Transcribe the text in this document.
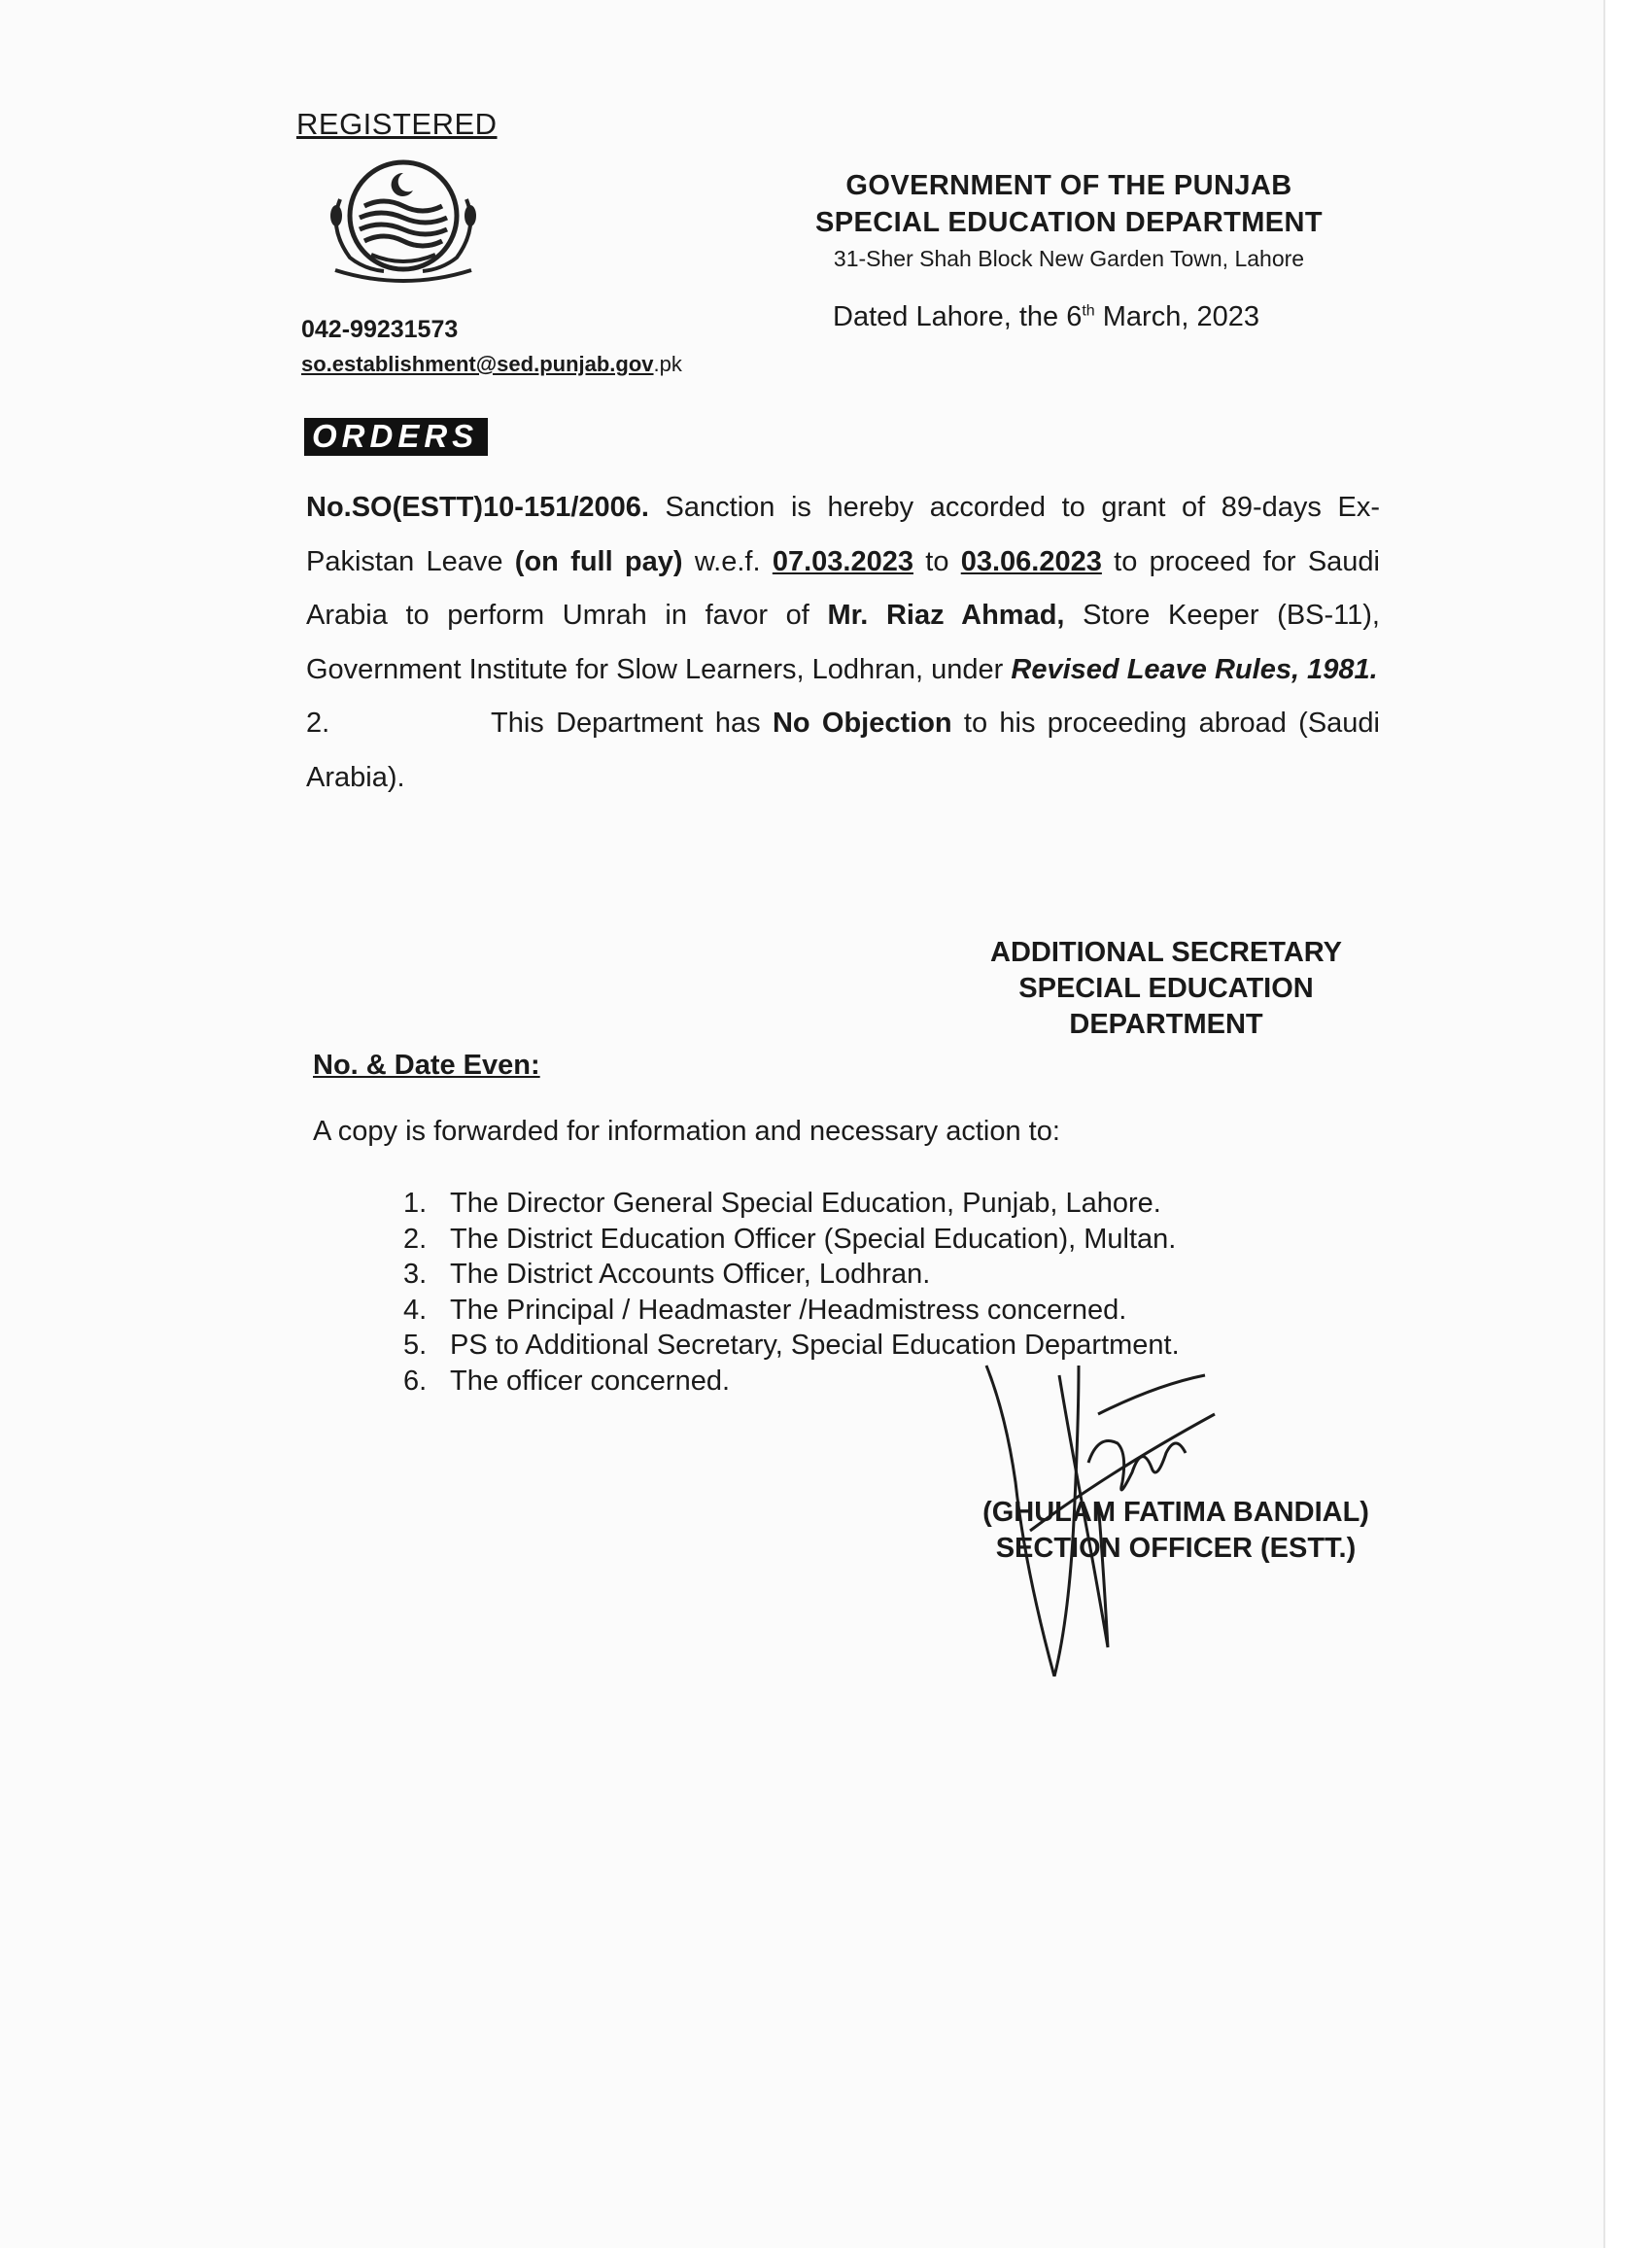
REGISTERED
042-99231573
so.establishment@sed.punjab.gov.pk
GOVERNMENT OF THE PUNJAB
SPECIAL EDUCATION DEPARTMENT
31-Sher Shah Block New Garden Town, Lahore
Dated Lahore, the 6th March, 2023
ORDERS

No.SO(ESTT)10-151/2006. Sanction is hereby accorded to grant of 89-days Ex-Pakistan Leave (on full pay) w.e.f. 07.03.2023 to 03.06.2023 to proceed for Saudi Arabia to perform Umrah in favor of Mr. Riaz Ahmad, Store Keeper (BS-11), Government Institute for Slow Learners, Lodhran, under Revised Leave Rules, 1981.

2.	This Department has No Objection to his proceeding abroad (Saudi Arabia).

ADDITIONAL SECRETARY
SPECIAL EDUCATION
DEPARTMENT
No. & Date Even:
A copy is forwarded for information and necessary action to:
1. The Director General Special Education, Punjab, Lahore.
2. The District Education Officer (Special Education), Multan.
3. The District Accounts Officer, Lodhran.
4. The Principal / Headmaster /Headmistress concerned.
5. PS to Additional Secretary, Special Education Department.
6. The officer concerned.
(GHULAM FATIMA BANDIAL)
SECTION OFFICER (ESTT.)
